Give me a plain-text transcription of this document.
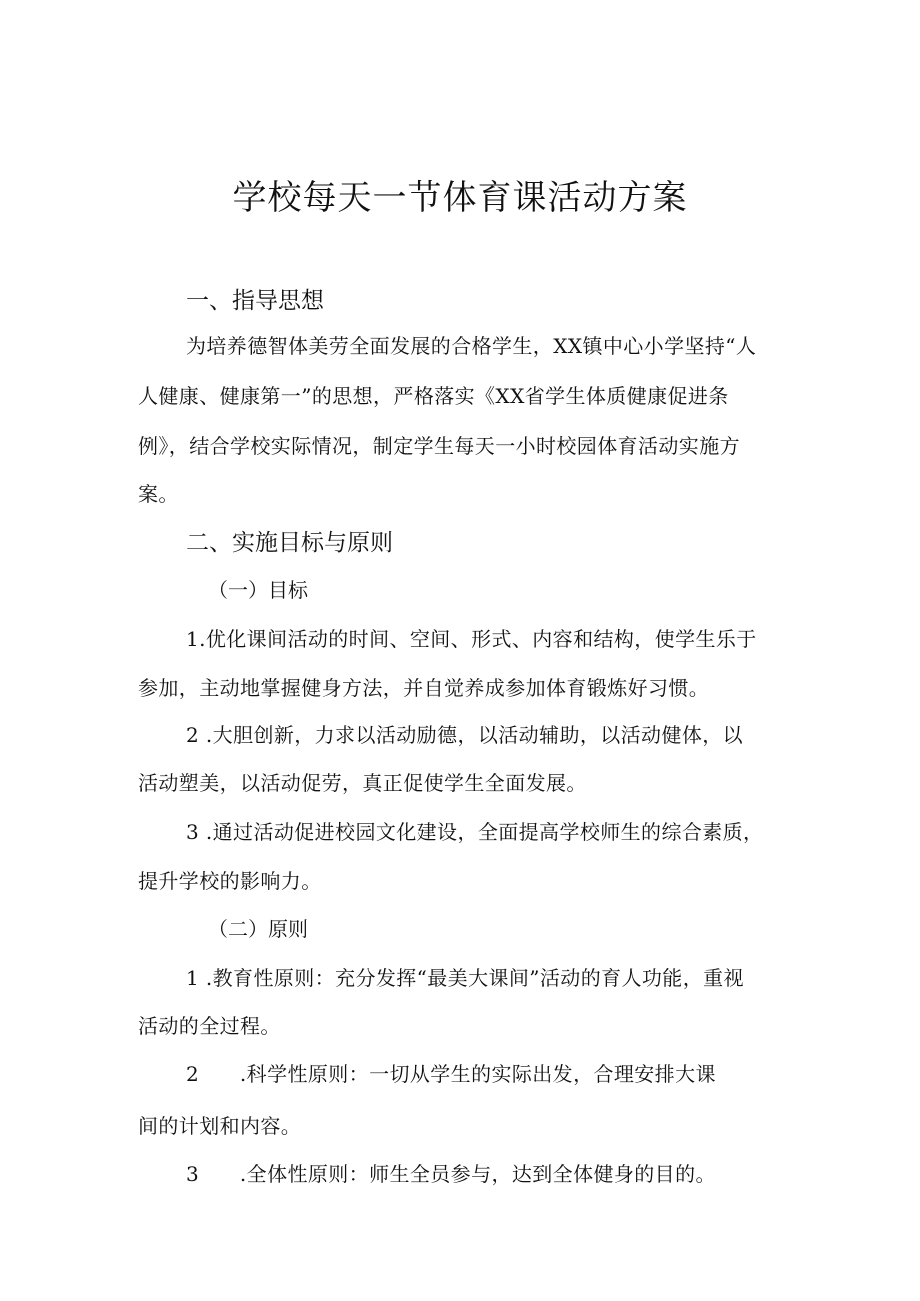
学校每天一节体育课活动方案
一、指导思想
为培养德智体美劳全面发展的合格学生，XX镇中心小学坚持“人
人健康、健康第一”的思想，严格落实《XX省学生体质健康促进条
例》，结合学校实际情况，制定学生每天一小时校园体育活动实施方
案。
二、实施目标与原则
（一）目标
1.优化课间活动的时间、空间、形式、内容和结构，使学生乐于
参加，主动地掌握健身方法，并自觉养成参加体育锻炼好习惯。
2 .大胆创新，力求以活动励德，以活动辅助，以活动健体，以
活动塑美，以活动促劳，真正促使学生全面发展。
3 .通过活动促进校园文化建设，全面提高学校师生的综合素质，
提升学校的影响力。
（二）原则
1 .教育性原则：充分发挥“最美大课间”活动的育人功能，重视
活动的全过程。
2　　.科学性原则：一切从学生的实际出发，合理安排大课
间的计划和内容。
3　　.全体性原则：师生全员参与，达到全体健身的目的。
